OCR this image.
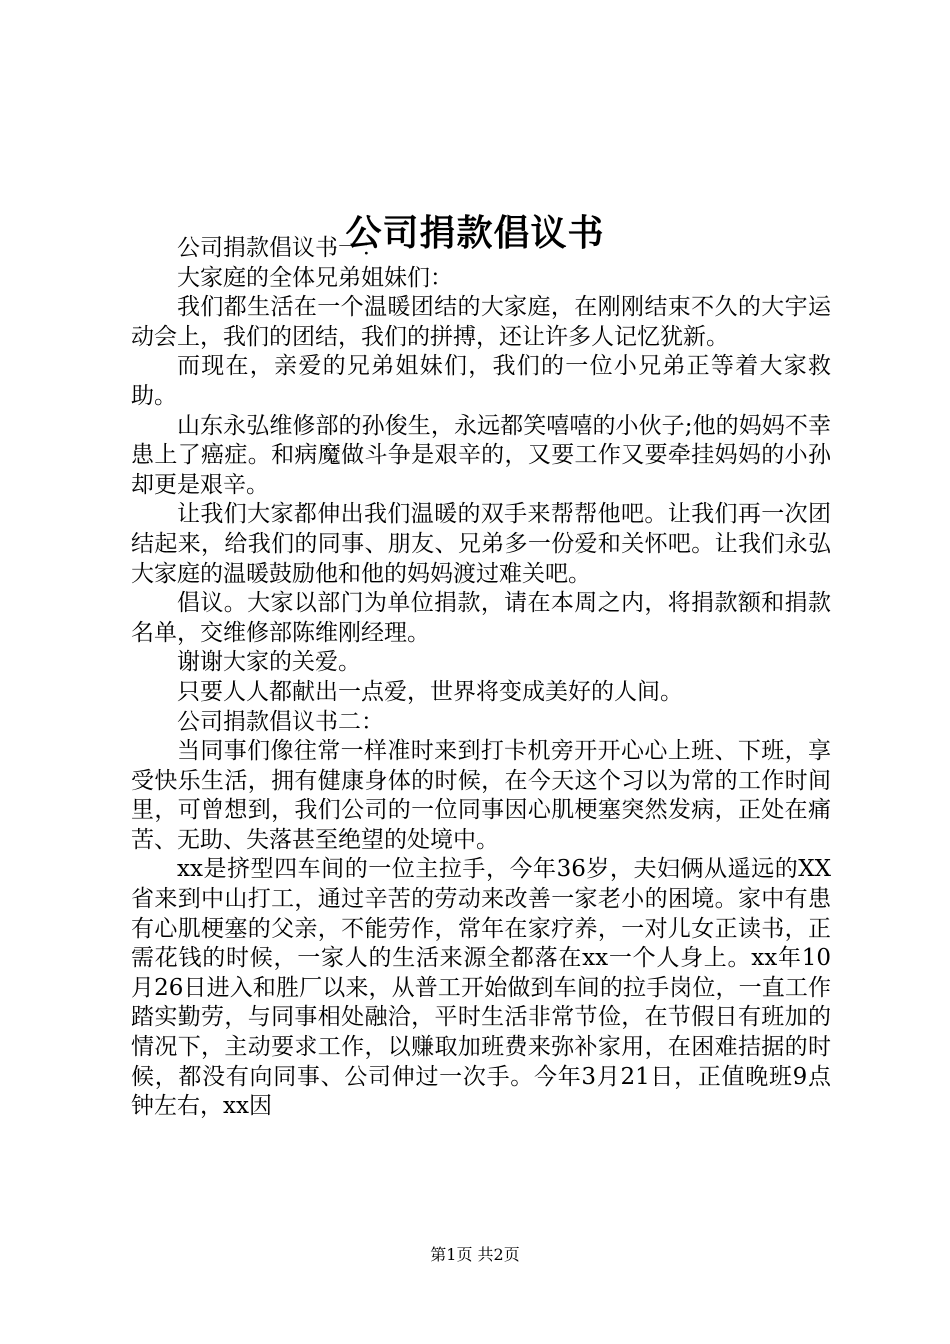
公司捐款倡议书

公司捐款倡议书一：

大家庭的全体兄弟姐妹们：

我们都生活在一个温暖团结的大家庭，在刚刚结束不久的大宇运动会上，我们的团结，我们的拼搏，还让许多人记忆犹新。

而现在，亲爱的兄弟姐妹们，我们的一位小兄弟正等着大家救助。

山东永弘维修部的孙俊生，永远都笑嘻嘻的小伙子;他的妈妈不幸患上了癌症。和病魔做斗争是艰辛的，又要工作又要牵挂妈妈的小孙却更是艰辛。

让我们大家都伸出我们温暖的双手来帮帮他吧。让我们再一次团结起来，给我们的同事、朋友、兄弟多一份爱和关怀吧。让我们永弘大家庭的温暖鼓励他和他的妈妈渡过难关吧。

倡议。大家以部门为单位捐款，请在本周之内，将捐款额和捐款名单，交维修部陈维刚经理。

谢谢大家的关爱。

只要人人都献出一点爱，世界将变成美好的人间。

公司捐款倡议书二：

当同事们像往常一样准时来到打卡机旁开开心心上班、下班，享受快乐生活，拥有健康身体的时候，在今天这个习以为常的工作时间里，可曾想到，我们公司的一位同事因心肌梗塞突然发病，正处在痛苦、无助、失落甚至绝望的处境中。

xx是挤型四车间的一位主拉手，今年36岁，夫妇俩从遥远的XX省来到中山打工，通过辛苦的劳动来改善一家老小的困境。家中有患有心肌梗塞的父亲，不能劳作，常年在家疗养，一对儿女正读书，正需花钱的时候，一家人的生活来源全都落在xx一个人身上。xx年10月26日进入和胜厂以来，从普工开始做到车间的拉手岗位，一直工作踏实勤劳，与同事相处融洽，平时生活非常节俭，在节假日有班加的情况下，主动要求工作，以赚取加班费来弥补家用，在困难拮据的时候，都没有向同事、公司伸过一次手。今年3月21日，正值晚班9点钟左右，xx因

第1页 共2页
